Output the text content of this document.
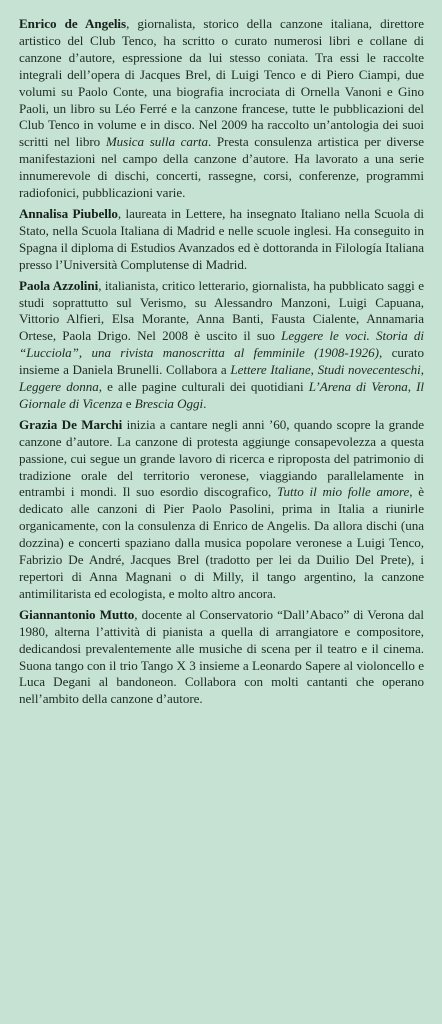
Enrico de Angelis, giornalista, storico della canzone italiana, direttore artistico del Club Tenco, ha scritto o curato numerosi libri e collane di canzone d’autore, espressione da lui stesso coniata. Tra essi le raccolte integrali dell’opera di Jacques Brel, di Luigi Tenco e di Piero Ciampi, due volumi su Paolo Conte, una biografia incrociata di Ornella Vanoni e Gino Paoli, un libro su Léo Ferré e la canzone francese, tutte le pubblicazioni del Club Tenco in volume e in disco. Nel 2009 ha raccolto un’antologia dei suoi scritti nel libro Musica sulla carta. Presta consulenza artistica per diverse manifestazioni nel campo della canzone d’autore. Ha lavorato a una serie innumerevole di dischi, concerti, rassegne, corsi, conferenze, programmi radiofonici, pubblicazioni varie.

Annalisa Piubello, laureata in Lettere, ha insegnato Italiano nella Scuola di Stato, nella Scuola Italiana di Madrid e nelle scuole inglesi. Ha conseguito in Spagna il diploma di Estudios Avanzados ed è dottoranda in Filología Italiana presso l’Università Complutense di Madrid.

Paola Azzolini, italianista, critico letterario, giornalista, ha pubblicato saggi e studi soprattutto sul Verismo, su Alessandro Manzoni, Luigi Capuana, Vittorio Alfieri, Elsa Morante, Anna Banti, Fausta Cialente, Annamaria Ortese, Paola Drigo. Nel 2008 è uscito il suo Leggere le voci. Storia di “Lucciola”, una rivista manoscritta al femminile (1908-1926), curato insieme a Daniela Brunelli. Collabora a Lettere Italiane, Studi novecenteschi, Leggere donna, e alle pagine culturali dei quotidiani L’Arena di Verona, Il Giornale di Vicenza e Brescia Oggi.

Grazia De Marchi inizia a cantare negli anni ’60, quando scopre la grande canzone d’autore. La canzone di protesta aggiunge consapevolezza a questa passione, cui segue un grande lavoro di ricerca e riproposta del patrimonio di tradizione orale del territorio veronese, viaggiando parallelamente in entrambi i mondi. Il suo esordio discografico, Tutto il mio folle amore, è dedicato alle canzoni di Pier Paolo Pasolini, prima in Italia a riunirle organicamente, con la consulenza di Enrico de Angelis. Da allora dischi (una dozzina) e concerti spaziano dalla musica popolare veronese a Luigi Tenco, Fabrizio De André, Jacques Brel (tradotto per lei da Duilio Del Prete), i repertori di Anna Magnani o di Milly, il tango argentino, la canzone antimilitarista ed ecologista, e molto altro ancora.

Giannantonio Mutto, docente al Conservatorio “Dall’Abaco” di Verona dal 1980, alterna l’attività di pianista a quella di arrangiatore e compositore, dedicandosi prevalentemente alle musiche di scena per il teatro e il cinema. Suona tango con il trio Tango X 3 insieme a Leonardo Sapere al violoncello e Luca Degani al bandoneon. Collabora con molti cantanti che operano nell’ambito della canzone d’autore.
